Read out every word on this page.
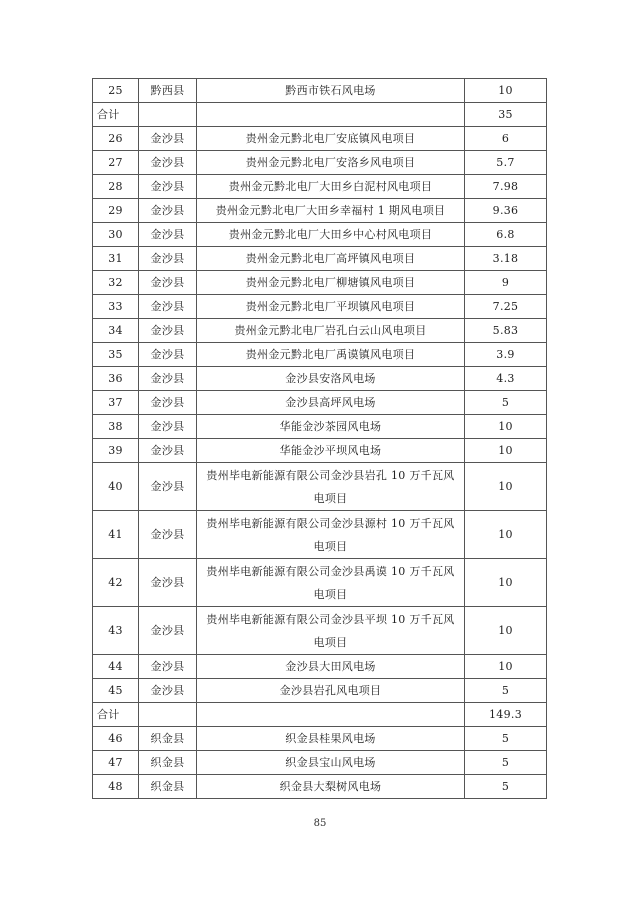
25	黔西县	黔西市铁石风电场	10
合计			35
26	金沙县	贵州金元黔北电厂安底镇风电项目	6
27	金沙县	贵州金元黔北电厂安洛乡风电项目	5.7
28	金沙县	贵州金元黔北电厂大田乡白泥村风电项目	7.98
29	金沙县	贵州金元黔北电厂大田乡幸福村 1 期风电项目	9.36
30	金沙县	贵州金元黔北电厂大田乡中心村风电项目	6.8
31	金沙县	贵州金元黔北电厂高坪镇风电项目	3.18
32	金沙县	贵州金元黔北电厂柳塘镇风电项目	9
33	金沙县	贵州金元黔北电厂平坝镇风电项目	7.25
34	金沙县	贵州金元黔北电厂岩孔白云山风电项目	5.83
35	金沙县	贵州金元黔北电厂禹谟镇风电项目	3.9
36	金沙县	金沙县安洛风电场	4.3
37	金沙县	金沙县高坪风电场	5
38	金沙县	华能金沙茶园风电场	10
39	金沙县	华能金沙平坝风电场	10
40	金沙县	贵州毕电新能源有限公司金沙县岩孔 10 万千瓦风电项目	10
41	金沙县	贵州毕电新能源有限公司金沙县源村 10 万千瓦风电项目	10
42	金沙县	贵州毕电新能源有限公司金沙县禹谟 10 万千瓦风电项目	10
43	金沙县	贵州毕电新能源有限公司金沙县平坝 10 万千瓦风电项目	10
44	金沙县	金沙县大田风电场	10
45	金沙县	金沙县岩孔风电项目	5
合计			149.3
46	织金县	织金县桂果风电场	5
47	织金县	织金县宝山风电场	5
48	织金县	织金县大梨树风电场	5
85
